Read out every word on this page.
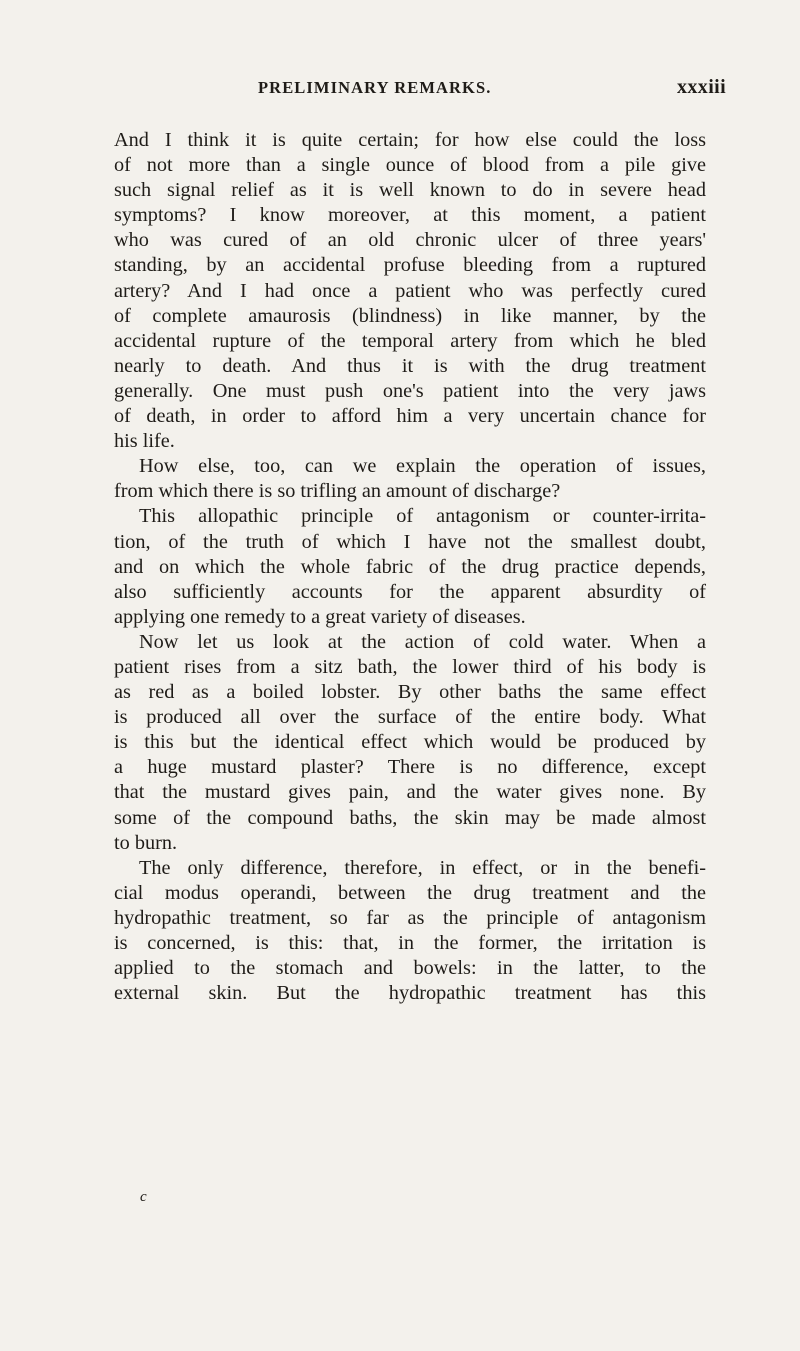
PRELIMINARY REMARKS.	xxxiii
And I think it is quite certain; for how else could the loss
of not more than a single ounce of blood from a pile give
such signal relief as it is well known to do in severe head
symptoms? I know moreover, at this moment, a patient
who was cured of an old chronic ulcer of three years'
standing, by an accidental profuse bleeding from a ruptured
artery? And I had once a patient who was perfectly cured
of complete amaurosis (blindness) in like manner, by the
accidental rupture of the temporal artery from which he bled
nearly to death. And thus it is with the drug treatment
generally. One must push one's patient into the very jaws
of death, in order to afford him a very uncertain chance for
his life.
How else, too, can we explain the operation of issues,
from which there is so trifling an amount of discharge?
This allopathic principle of antagonism or counter-irrita-
tion, of the truth of which I have not the smallest doubt,
and on which the whole fabric of the drug practice depends,
also sufficiently accounts for the apparent absurdity of
applying one remedy to a great variety of diseases.
Now let us look at the action of cold water. When a
patient rises from a sitz bath, the lower third of his body is
as red as a boiled lobster. By other baths the same effect
is produced all over the surface of the entire body. What
is this but the identical effect which would be produced by
a huge mustard plaster? There is no difference, except
that the mustard gives pain, and the water gives none. By
some of the compound baths, the skin may be made almost
to burn.
The only difference, therefore, in effect, or in the benefi-
cial modus operandi, between the drug treatment and the
hydropathic treatment, so far as the principle of antagonism
is concerned, is this: that, in the former, the irritation is
applied to the stomach and bowels: in the latter, to the
external skin. But the hydropathic treatment has this
c
